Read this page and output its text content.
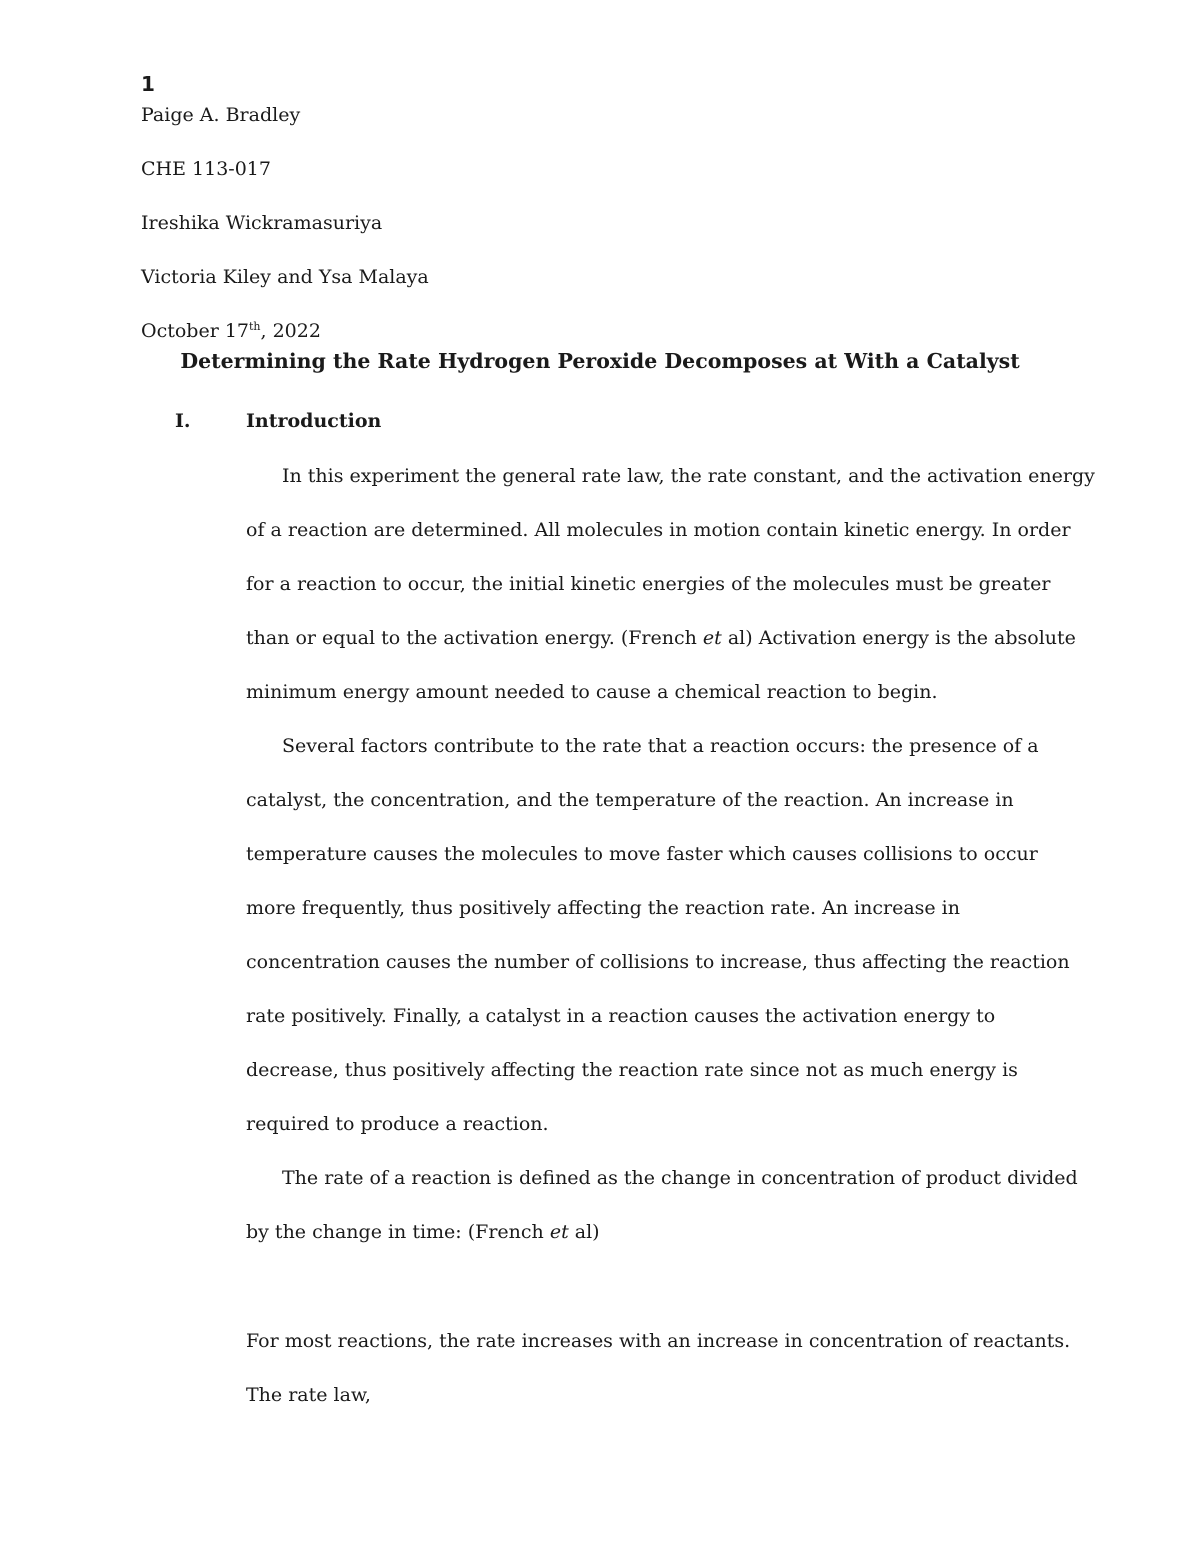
1
Paige A. Bradley
CHE 113-017
Ireshika Wickramasuriya
Victoria Kiley and Ysa Malaya
October 17th, 2022
Determining the Rate Hydrogen Peroxide Decomposes at With a Catalyst
I.	Introduction
In this experiment the general rate law, the rate constant, and the activation energy
of a reaction are determined. All molecules in motion contain kinetic energy. In order
for a reaction to occur, the initial kinetic energies of the molecules must be greater
than or equal to the activation energy. (French et al) Activation energy is the absolute
minimum energy amount needed to cause a chemical reaction to begin.
Several factors contribute to the rate that a reaction occurs: the presence of a
catalyst, the concentration, and the temperature of the reaction. An increase in
temperature causes the molecules to move faster which causes collisions to occur
more frequently, thus positively affecting the reaction rate. An increase in
concentration causes the number of collisions to increase, thus affecting the reaction
rate positively. Finally, a catalyst in a reaction causes the activation energy to
decrease, thus positively affecting the reaction rate since not as much energy is
required to produce a reaction.
The rate of a reaction is defined as the change in concentration of product divided
by the change in time: (French et al)
For most reactions, the rate increases with an increase in concentration of reactants.
The rate law,
